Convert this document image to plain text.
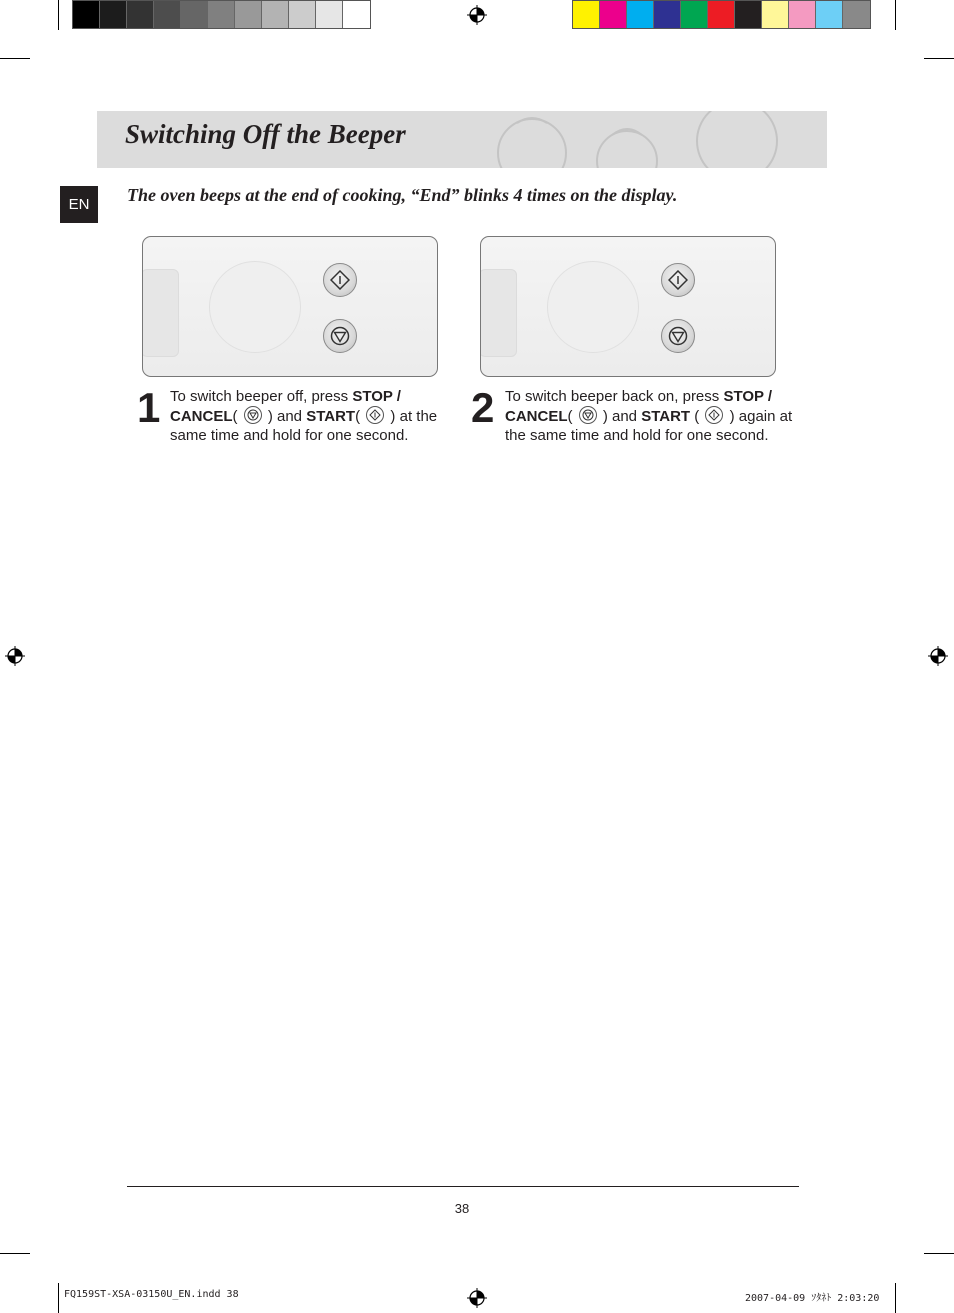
Switching Off the Beeper
EN	The oven beeps at the end of cooking, “End” blinks 4 times on the display.
1 To switch beeper off, press STOP / CANCEL(
) and START(
) at the same time and hold for one second.
2 To switch beeper back on, press STOP / CANCEL(
) and START (
) again at the same time and hold for one second.
38
FQ159ST-XSA-03150U_EN.indd 38	2007-04-09 ｿﾀﾈﾄ 2:03:20
